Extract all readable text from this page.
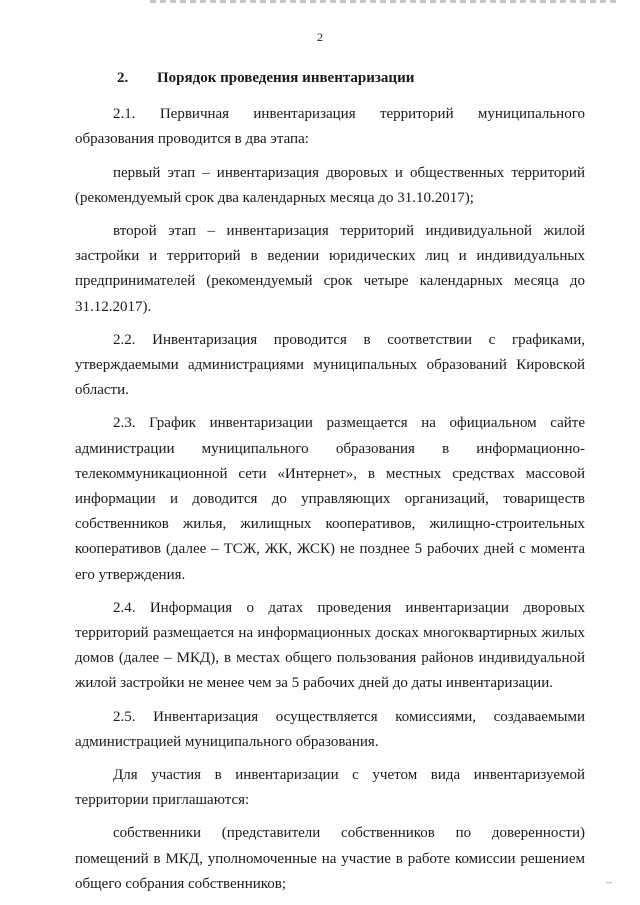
2
2. Порядок проведения инвентаризации

2.1. Первичная инвентаризация территорий муниципального образования проводится в два этапа:

первый этап – инвентаризация дворовых и общественных территорий (рекомендуемый срок два календарных месяца до 31.10.2017);

второй этап – инвентаризация территорий индивидуальной жилой застройки и территорий в ведении юридических лиц и индивидуальных предпринимателей (рекомендуемый срок четыре календарных месяца до 31.12.2017).

2.2. Инвентаризация проводится в соответствии с графиками, утверждаемыми администрациями муниципальных образований Кировской области.

2.3. График инвентаризации размещается на официальном сайте администрации муниципального образования в информационно-телекоммуникационной сети «Интернет», в местных средствах массовой информации и доводится до управляющих организаций, товариществ собственников жилья, жилищных кооперативов, жилищно-строительных кооперативов (далее – ТСЖ, ЖК, ЖСК) не позднее 5 рабочих дней с момента его утверждения.

2.4. Информация о датах проведения инвентаризации дворовых территорий размещается на информационных досках многоквартирных жилых домов (далее – МКД), в местах общего пользования районов индивидуальной жилой застройки не менее чем за 5 рабочих дней до даты инвентаризации.

2.5. Инвентаризация осуществляется комиссиями, создаваемыми администрацией муниципального образования.

Для участия в инвентаризации с учетом вида инвентаризуемой территории приглашаются:

собственники (представители собственников по доверенности) помещений в МКД, уполномоченные на участие в работе комиссии решением общего собрания собственников;	--
